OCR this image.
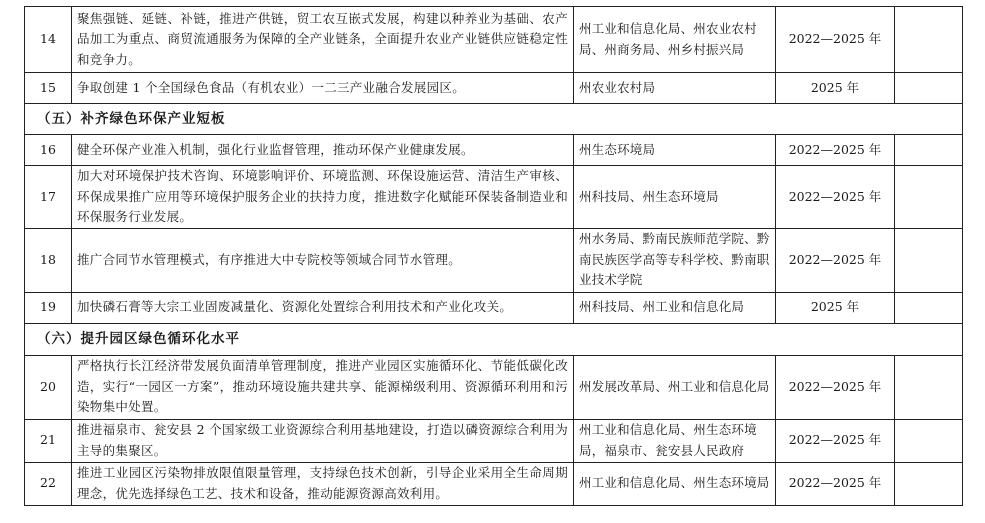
14	聚焦强链、延链、补链，推进产供链，贸工农互嵌式发展，构建以种养业为基础、农产品加工为重点、商贸流通服务为保障的全产业链条，全面提升农业产业链供应链稳定性和竞争力。	州工业和信息化局、州农业农村局、州商务局、州乡村振兴局	2022—2025 年	
15	争取创建 1 个全国绿色食品（有机农业）一二三产业融合发展园区。	州农业农村局	2025 年	
（五）补齐绿色环保产业短板				
16	健全环保产业准入机制，强化行业监督管理，推动环保产业健康发展。	州生态环境局	2022—2025 年	
17	加大对环境保护技术咨询、环境影响评价、环境监测、环保设施运营、清洁生产审核、环保成果推广应用等环境保护服务企业的扶持力度，推进数字化赋能环保装备制造业和环保服务行业发展。	州科技局、州生态环境局	2022—2025 年	
18	推广合同节水管理模式，有序推进大中专院校等领域合同节水管理。	州水务局、黔南民族师范学院、黔南民族医学高等专科学校、黔南职业技术学院	2022—2025 年	
19	加快磷石膏等大宗工业固废减量化、资源化处置综合利用技术和产业化攻关。	州科技局、州工业和信息化局	2025 年	
（六）提升园区绿色循环化水平				
20	严格执行长江经济带发展负面清单管理制度，推进产业园区实施循环化、节能低碳化改造，实行“一园区一方案”，推动环境设施共建共享、能源梯级利用、资源循环利用和污染物集中处置。	州发展改革局、州工业和信息化局	2022—2025 年	
21	推进福泉市、瓮安县 2 个国家级工业资源综合利用基地建设，打造以磷资源综合利用为主导的集聚区。	州工业和信息化局、州生态环境局，福泉市、瓮安县人民政府	2022—2025 年	
22	推进工业园区污染物排放限值限量管理，支持绿色技术创新，引导企业采用全生命周期理念，优先选择绿色工艺、技术和设备，推动能源资源高效利用。	州工业和信息化局、州生态环境局	2022—2025 年	
